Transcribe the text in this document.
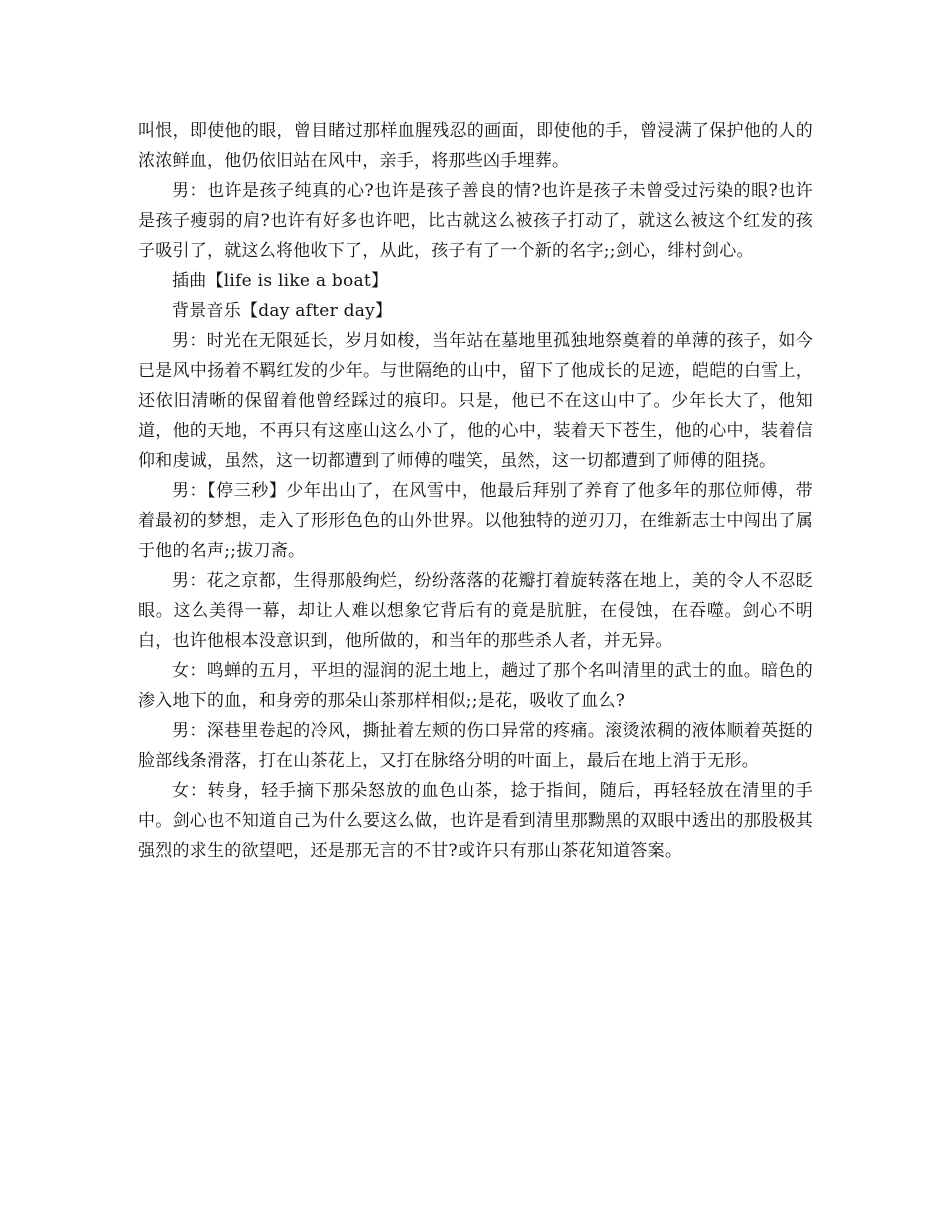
叫恨，即使他的眼，曾目睹过那样血腥残忍的画面，即使他的手，曾浸满了保护他的人的浓浓鲜血，他仍依旧站在风中，亲手，将那些凶手埋葬。

男：也许是孩子纯真的心?也许是孩子善良的情?也许是孩子未曾受过污染的眼?也许是孩子瘦弱的肩?也许有好多也许吧，比古就这么被孩子打动了，就这么被这个红发的孩子吸引了，就这么将他收下了，从此，孩子有了一个新的名字;;剑心，绯村剑心。

插曲【life is like a boat】

背景音乐【day after day】

男：时光在无限延长，岁月如梭，当年站在墓地里孤独地祭奠着的单薄的孩子，如今已是风中扬着不羁红发的少年。与世隔绝的山中，留下了他成长的足迹，皑皑的白雪上，还依旧清晰的保留着他曾经踩过的痕印。只是，他已不在这山中了。少年长大了，他知道，他的天地，不再只有这座山这么小了，他的心中，装着天下苍生，他的心中，装着信仰和虔诚，虽然，这一切都遭到了师傅的嗤笑，虽然，这一切都遭到了师傅的阻挠。

男：【停三秒】少年出山了，在风雪中，他最后拜别了养育了他多年的那位师傅，带着最初的梦想，走入了形形色色的山外世界。以他独特的逆刃刀，在维新志士中闯出了属于他的名声;;拔刀斋。

男：花之京都，生得那般绚烂，纷纷落落的花瓣打着旋转落在地上，美的令人不忍眨眼。这么美得一幕，却让人难以想象它背后有的竟是肮脏，在侵蚀，在吞噬。剑心不明白，也许他根本没意识到，他所做的，和当年的那些杀人者，并无异。

女：鸣蝉的五月，平坦的湿润的泥土地上，趟过了那个名叫清里的武士的血。暗色的渗入地下的血，和身旁的那朵山茶那样相似;;是花，吸收了血么?

男：深巷里卷起的冷风，撕扯着左颊的伤口异常的疼痛。滚烫浓稠的液体顺着英挺的脸部线条滑落，打在山茶花上，又打在脉络分明的叶面上，最后在地上消于无形。

女：转身，轻手摘下那朵怒放的血色山茶，捻于指间，随后，再轻轻放在清里的手中。剑心也不知道自己为什么要这么做，也许是看到清里那黝黑的双眼中透出的那股极其强烈的求生的欲望吧，还是那无言的不甘?或许只有那山茶花知道答案。
